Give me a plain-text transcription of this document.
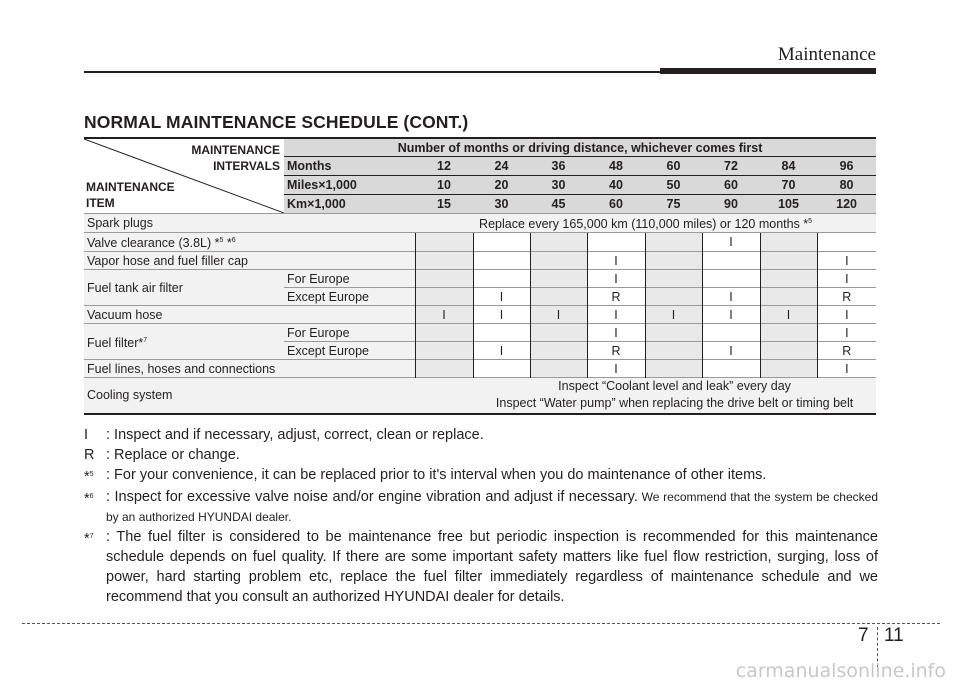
Maintenance
NORMAL MAINTENANCE SCHEDULE (CONT.)
MAINTENANCE
INTERVALS
MAINTENANCE
ITEM	Number of months or driving distance, whichever comes first								
	Months	12	24	36	48	60	72	84	96
	Miles×1,000	10	20	30	40	50	60	70	80
	Km×1,000	15	30	45	60	75	90	105	120
Spark plugs		Replace every 165,000 km (110,000 miles) or 120 months *$^5$
Valve clearance (3.8L) *$^5$ *$^6$							I		
Vapor hose and fuel filler cap					I				I
Fuel tank air filter	For Europe				I				I
	Except Europe		I		R		I		R
Vacuum hose		I	I	I	I	I	I	I	I
Fuel filter*$^7$	For Europe				I				I
	Except Europe		I		R		I		R
Fuel lines, hoses and connections					I				I
Cooling system			Inspect “Coolant level and leak” every day
Inspect “Water pump” when replacing the drive belt or timing belt						
I	: Inspect and if necessary, adjust, correct, clean or replace.
R : Replace or change.
*$^5$ : For your convenience, it can be replaced prior to it's interval when you do maintenance of other items.
*$^6$ : Inspect for excessive valve noise and/or engine vibration and adjust if necessary. We recommend that the system be checked by an authorized HYUNDAI dealer.
*$^7$ : The fuel filter is considered to be maintenance free but periodic inspection is recommended for this maintenance schedule depends on fuel quality. If there are some important safety matters like fuel flow restriction, surging, loss of power, hard starting problem etc, replace the fuel filter immediately regardless of maintenance schedule and we recommend that you consult an authorized HYUNDAI dealer for details.
7 11
carmanualsonline.info
